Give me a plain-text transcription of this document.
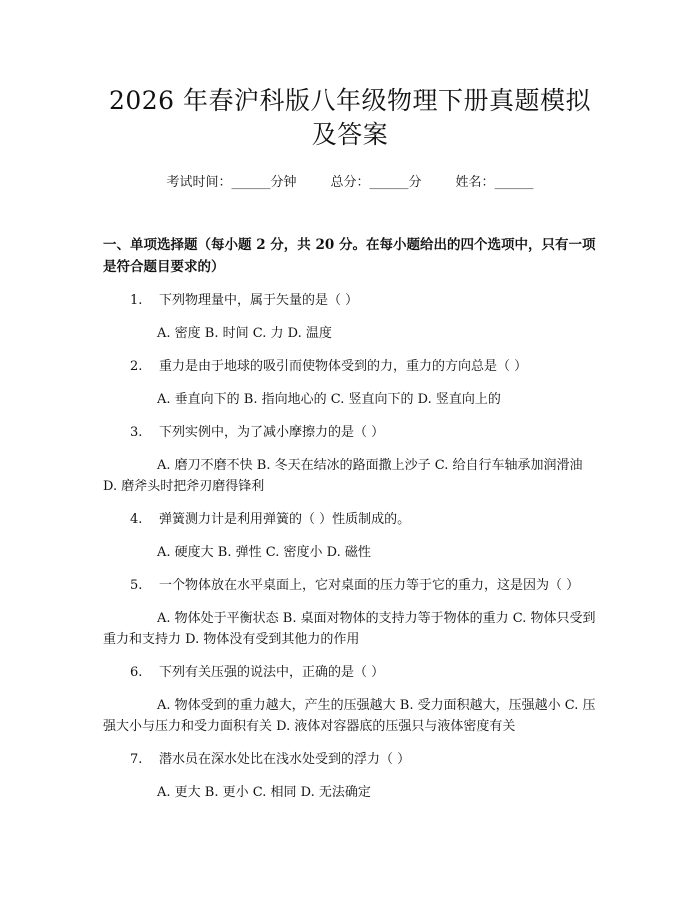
2026 年春沪科版八年级物理下册真题模拟及答案
考试时间：______分钟	总分：______分	姓名：______
一、单项选择题（每小题 2 分，共 20 分。在每小题给出的四个选项中，只有一项是符合题目要求的）
1. 下列物理量中，属于矢量的是（ ）
A. 密度 B. 时间 C. 力 D. 温度
2. 重力是由于地球的吸引而使物体受到的力，重力的方向总是（ ）
A. 垂直向下的 B. 指向地心的 C. 竖直向下的 D. 竖直向上的
3. 下列实例中，为了减小摩擦力的是（ ）
A. 磨刀不磨不快 B. 冬天在结冰的路面撒上沙子 C. 给自行车轴承加润滑油 D. 磨斧头时把斧刃磨得锋利
4. 弹簧测力计是利用弹簧的（ ）性质制成的。
A. 硬度大 B. 弹性 C. 密度小 D. 磁性
5. 一个物体放在水平桌面上，它对桌面的压力等于它的重力，这是因为（ ）
A. 物体处于平衡状态 B. 桌面对物体的支持力等于物体的重力 C. 物体只受到重力和支持力 D. 物体没有受到其他力的作用
6. 下列有关压强的说法中，正确的是（ ）
A. 物体受到的重力越大，产生的压强越大 B. 受力面积越大，压强越小 C. 压强大小与压力和受力面积有关 D. 液体对容器底的压强只与液体密度有关
7. 潜水员在深水处比在浅水处受到的浮力（ ）
A. 更大 B. 更小 C. 相同 D. 无法确定
